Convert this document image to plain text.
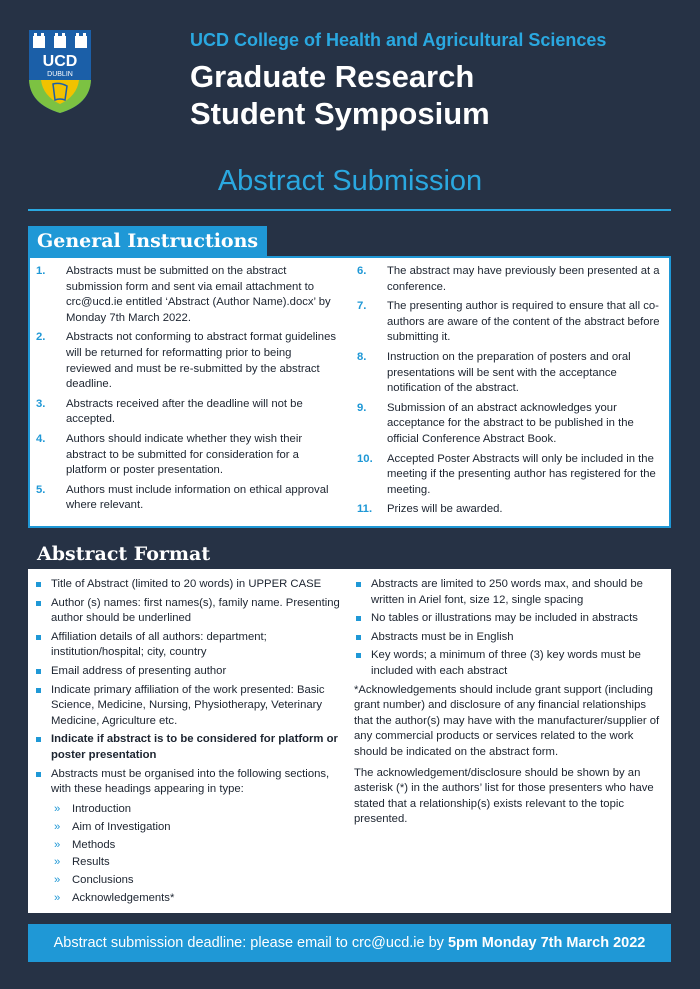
UCD
DUBLIN
UCD College of Health and Agricultural Sciences
Graduate Research
Student Symposium
Abstract Submission
General Instructions
1. Abstracts must be submitted on the abstract submission form and sent via email attachment to crc@ucd.ie entitled ‘Abstract (Author Name).docx’ by Monday 7th March 2022.
2. Abstracts not conforming to abstract format guidelines will be returned for reformatting prior to being reviewed and must be re-submitted by the abstract deadline.
3. Abstracts received after the deadline will not be accepted.
4. Authors should indicate whether they wish their abstract to be submitted for consideration for a platform or poster presentation.
5. Authors must include information on ethical approval where relevant.
6. The abstract may have previously been presented at a conference.
7. The presenting author is required to ensure that all co-authors are aware of the content of the abstract before submitting it.
8. Instruction on the preparation of posters and oral presentations will be sent with the acceptance notification of the abstract.
9. Submission of an abstract acknowledges your acceptance for the abstract to be published in the official Conference Abstract Book.
10. Accepted Poster Abstracts will only be included in the meeting if the presenting author has registered for the meeting.
11. Prizes will be awarded.
Abstract Format
Title of Abstract (limited to 20 words) in UPPER CASE
Author (s) names: first names(s), family name. Presenting author should be underlined
Affiliation details of all authors: department; institution/hospital; city, country
Email address of presenting author
Indicate primary affiliation of the work presented: Basic Science, Medicine, Nursing, Physiotherapy, Veterinary Medicine, Agriculture etc.
Indicate if abstract is to be considered for platform or poster presentation
Abstracts must be organised into the following sections, with these headings appearing in type:
» Introduction
» Aim of Investigation
» Methods
» Results
» Conclusions
» Acknowledgements*
Abstracts are limited to 250 words max, and should be written in Ariel font, size 12, single spacing
No tables or illustrations may be included in abstracts
Abstracts must be in English
Key words; a minimum of three (3) key words must be included with each abstract

*Acknowledgements should include grant support (including grant number) and disclosure of any financial relationships that the author(s) may have with the manufacturer/supplier of any commercial products or services related to the work should be indicated on the abstract form.

The acknowledgement/disclosure should be shown by an asterisk (*) in the authors’ list for those presenters who have stated that a relationship(s) exists relevant to the topic presented.

Abstract submission deadline: please email to crc@ucd.ie by 5pm Monday 7th March 2022
